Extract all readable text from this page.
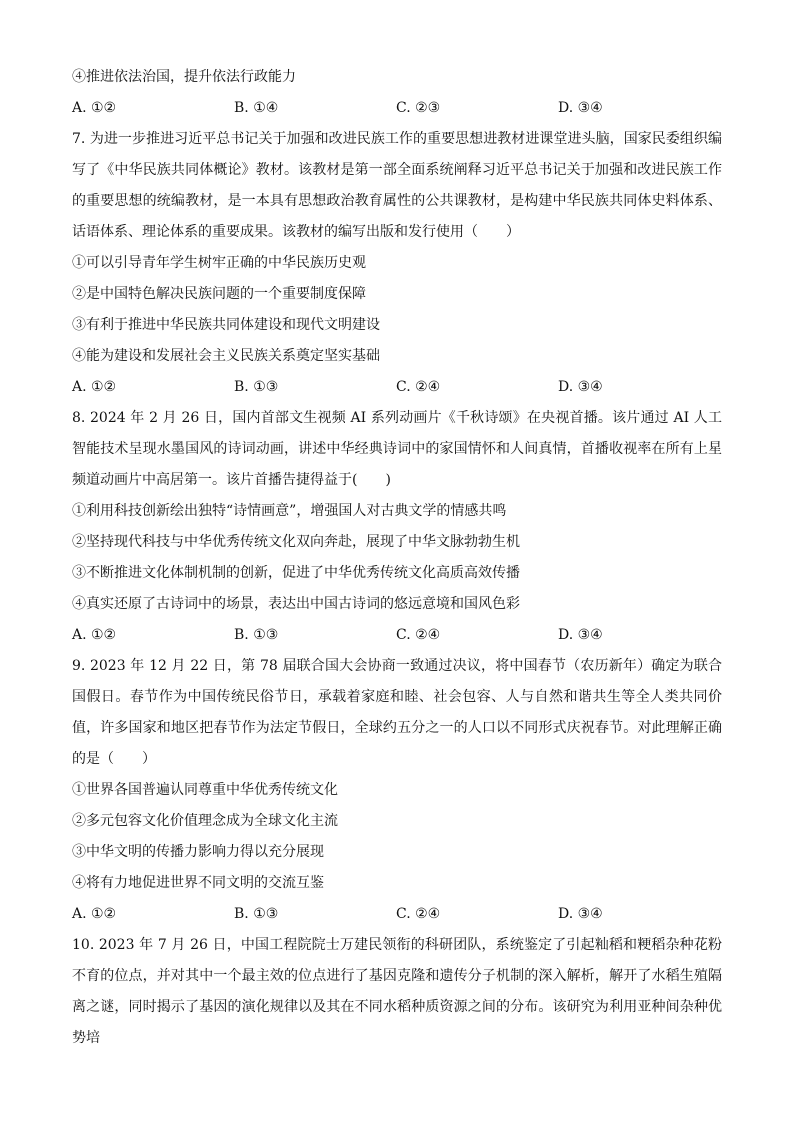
④推进依法治国，提升依法行政能力
A. ①②	B. ①④	C. ②③	D. ③④
7. 为进一步推进习近平总书记关于加强和改进民族工作的重要思想进教材进课堂进头脑，国家民委组织编写了《中华民族共同体概论》教材。该教材是第一部全面系统阐释习近平总书记关于加强和改进民族工作的重要思想的统编教材，是一本具有思想政治教育属性的公共课教材，是构建中华民族共同体史料体系、话语体系、理论体系的重要成果。该教材的编写出版和发行使用（　　）
①可以引导青年学生树牢正确的中华民族历史观
②是中国特色解决民族问题的一个重要制度保障
③有利于推进中华民族共同体建设和现代文明建设
④能为建设和发展社会主义民族关系奠定坚实基础
A. ①②	B. ①③	C. ②④	D. ③④
8. 2024 年 2 月 26 日，国内首部文生视频 AI 系列动画片《千秋诗颂》在央视首播。该片通过 AI 人工智能技术呈现水墨国风的诗词动画，讲述中华经典诗词中的家国情怀和人间真情，首播收视率在所有上星频道动画片中高居第一。该片首播告捷得益于(　　)
①利用科技创新绘出独特“诗情画意”，增强国人对古典文学的情感共鸣
②坚持现代科技与中华优秀传统文化双向奔赴，展现了中华文脉勃勃生机
③不断推进文化体制机制的创新，促进了中华优秀传统文化高质高效传播
④真实还原了古诗词中的场景，表达出中国古诗词的悠远意境和国风色彩
A. ①②	B. ①③	C. ②④	D. ③④
9. 2023 年 12 月 22 日，第 78 届联合国大会协商一致通过决议，将中国春节（农历新年）确定为联合国假日。春节作为中国传统民俗节日，承载着家庭和睦、社会包容、人与自然和谐共生等全人类共同价值，许多国家和地区把春节作为法定节假日，全球约五分之一的人口以不同形式庆祝春节。对此理解正确的是（　　）
①世界各国普遍认同尊重中华优秀传统文化
②多元包容文化价值理念成为全球文化主流
③中华文明的传播力影响力得以充分展现
④将有力地促进世界不同文明的交流互鉴
A. ①②	B. ①③	C. ②④	D. ③④
10. 2023 年 7 月 26 日，中国工程院院士万建民领衔的科研团队，系统鉴定了引起籼稻和粳稻杂种花粉不育的位点，并对其中一个最主效的位点进行了基因克隆和遗传分子机制的深入解析，解开了水稻生殖隔离之谜，同时揭示了基因的演化规律以及其在不同水稻种质资源之间的分布。该研究为利用亚种间杂种优势培
